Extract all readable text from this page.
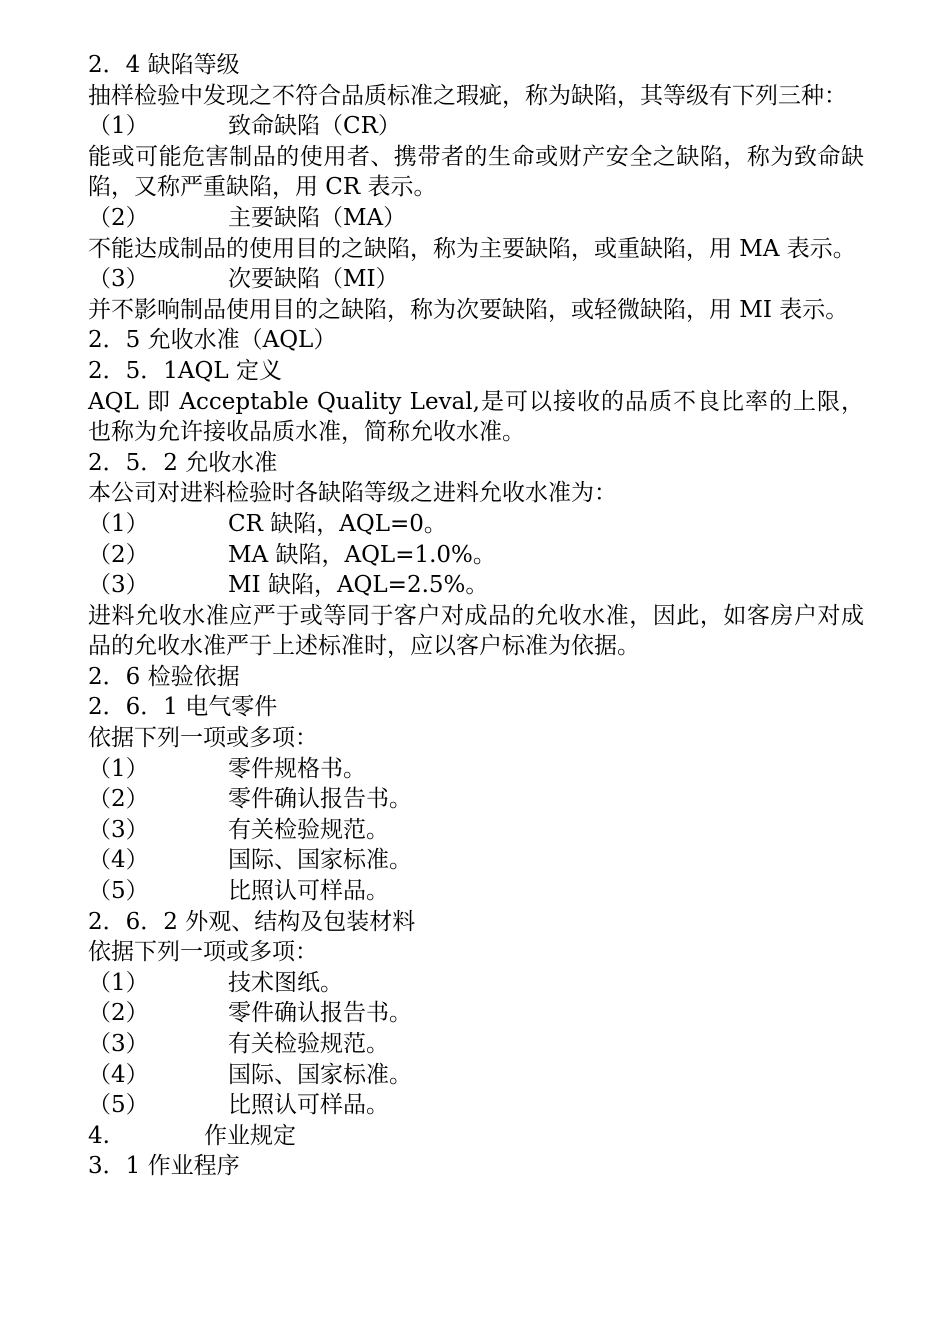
2．4 缺陷等级
抽样检验中发现之不符合品质标准之瑕疵，称为缺陷，其等级有下列三种：
（1）	致命缺陷（CR）
能或可能危害制品的使用者、携带者的生命或财产安全之缺陷，称为致命缺陷，又称严重缺陷，用 CR 表示。
（2）	主要缺陷（MA）
不能达成制品的使用目的之缺陷，称为主要缺陷，或重缺陷，用 MA 表示。
（3）	次要缺陷（MI）
并不影响制品使用目的之缺陷，称为次要缺陷，或轻微缺陷，用 MI 表示。
2．5 允收水准（AQL）
2．5．1AQL 定义
AQL 即 Acceptable Quality Leval,是可以接收的品质不良比率的上限，也称为允许接收品质水准，简称允收水准。
2．5．2 允收水准
本公司对进料检验时各缺陷等级之进料允收水准为：
（1）	CR 缺陷，AQL=0。
（2）	MA 缺陷，AQL=1.0%。
（3）	MI 缺陷，AQL=2.5%。
进料允收水准应严于或等同于客户对成品的允收水准，因此，如客房户对成品的允收水准严于上述标准时，应以客户标准为依据。
2．6 检验依据
2．6．1 电气零件
依据下列一项或多项：
（1）	零件规格书。
（2）	零件确认报告书。
（3）	有关检验规范。
（4）	国际、国家标准。
（5）	比照认可样品。
2．6．2 外观、结构及包装材料
依据下列一项或多项：
（1）	技术图纸。
（2）	零件确认报告书。
（3）	有关检验规范。
（4）	国际、国家标准。
（5）	比照认可样品。
4.	作业规定
3．1 作业程序
